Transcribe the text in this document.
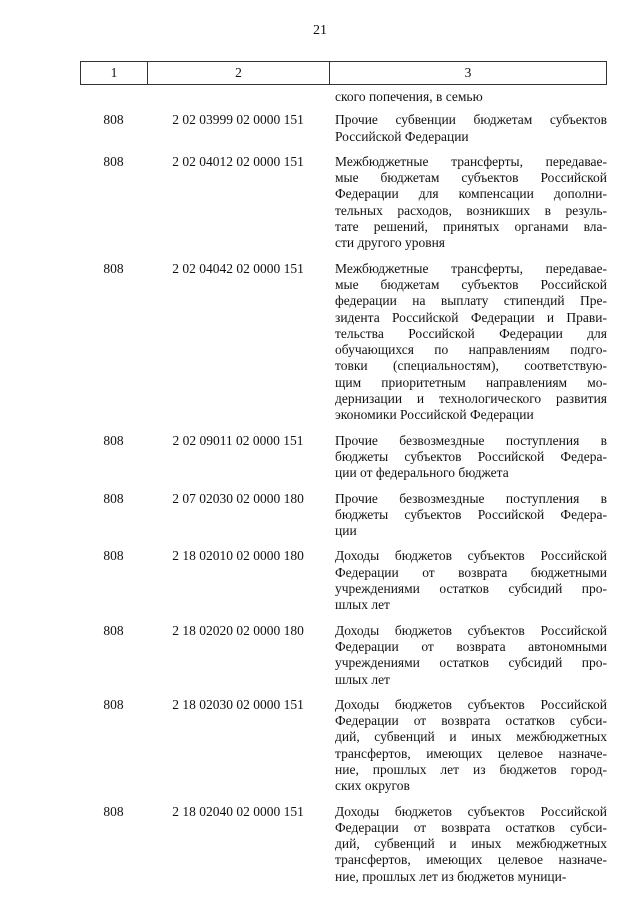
21
1	2	3
ского попечения, в семью
808	2 02 03999 02 0000 151	Прочие субвенции бюджетам субъектов
Российской Федерации
808	2 02 04012 02 0000 151	Межбюджетные трансферты, передавае-
мые бюджетам субъектов Российской
Федерации для компенсации дополни-
тельных расходов, возникших в резуль-
тате решений, принятых органами вла-
сти другого уровня
808	2 02 04042 02 0000 151	Межбюджетные трансферты, передавае-
мые бюджетам субъектов Российской
федерации на выплату стипендий Пре-
зидента Российской Федерации и Прави-
тельства Российской Федерации для
обучающихся по направлениям подго-
товки (специальностям), соответствую-
щим приоритетным направлениям мо-
дернизации и технологического развития
экономики Российской Федерации
808	2 02 09011 02 0000 151	Прочие безвозмездные поступления в
бюджеты субъектов Российской Федера-
ции от федерального бюджета
808	2 07 02030 02 0000 180	Прочие безвозмездные поступления в
бюджеты субъектов Российской Федера-
ции
808	2 18 02010 02 0000 180	Доходы бюджетов субъектов Российской
Федерации от возврата бюджетными
учреждениями остатков субсидий про-
шлых лет
808	2 18 02020 02 0000 180	Доходы бюджетов субъектов Российской
Федерации от возврата автономными
учреждениями остатков субсидий про-
шлых лет
808	2 18 02030 02 0000 151	Доходы бюджетов субъектов Российской
Федерации от возврата остатков субси-
дий, субвенций и иных межбюджетных
трансфертов, имеющих целевое назначе-
ние, прошлых лет из бюджетов город-
ских округов
808	2 18 02040 02 0000 151	Доходы бюджетов субъектов Российской
Федерации от возврата остатков субси-
дий, субвенций и иных межбюджетных
трансфертов, имеющих целевое назначе-
ние, прошлых лет из бюджетов муници-
